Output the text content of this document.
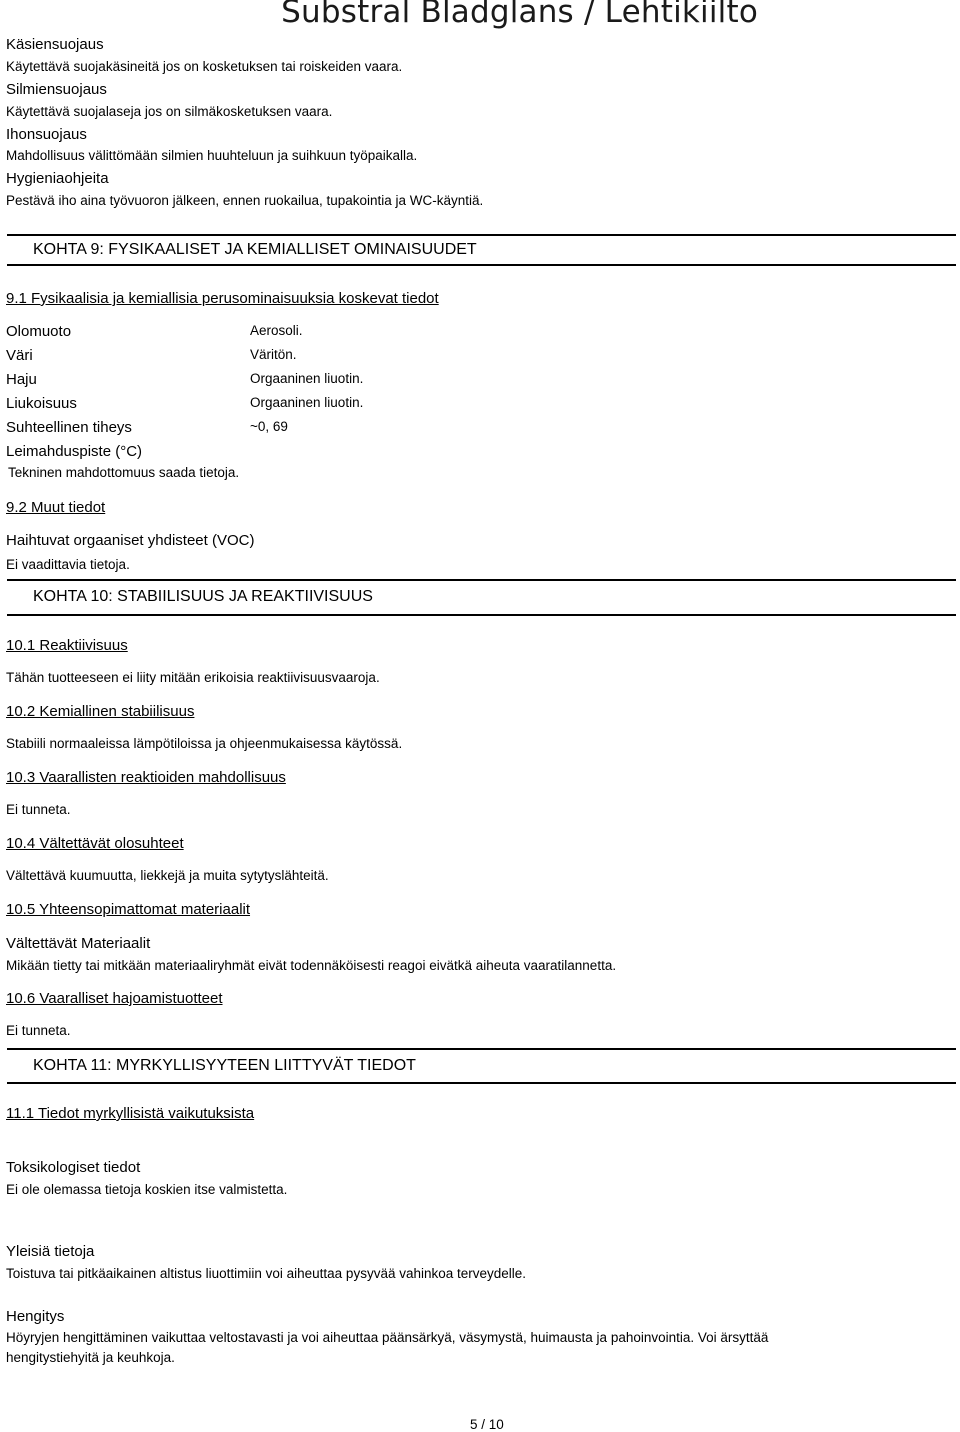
Substral Bladglans / Lehtikiilto
Käsiensuojaus
Käytettävä suojakäsineitä jos on kosketuksen tai roiskeiden vaara.
Silmiensuojaus
Käytettävä suojalaseja jos on silmäkosketuksen vaara.
Ihonsuojaus
Mahdollisuus välittömään silmien huuhteluun ja suihkuun työpaikalla.
Hygieniaohjeita
Pestävä iho aina työvuoron jälkeen, ennen ruokailua, tupakointia ja WC-käyntiä.
KOHTA 9: FYSIKAALISET JA KEMIALLISET OMINAISUUDET
9.1 Fysikaalisia ja kemiallisia perusominaisuuksia koskevat tiedot
Olomuoto	Aerosoli.
Väri	Väritön.
Haju	Orgaaninen liuotin.
Liukoisuus	Orgaaninen liuotin.
Suhteellinen tiheys	~0, 69
Leimahduspiste (°C)
Tekninen mahdottomuus saada tietoja.
9.2 Muut tiedot
Haihtuvat orgaaniset yhdisteet (VOC)
Ei vaadittavia tietoja.
KOHTA 10: STABIILISUUS JA REAKTIIVISUUS
10.1 Reaktiivisuus
Tähän tuotteeseen ei liity mitään erikoisia reaktiivisuusvaaroja.
10.2 Kemiallinen stabiilisuus
Stabiili normaaleissa lämpötiloissa ja ohjeenmukaisessa käytössä.
10.3 Vaarallisten reaktioiden mahdollisuus
Ei tunneta.
10.4 Vältettävät olosuhteet
Vältettävä kuumuutta, liekkejä ja muita sytytyslähteitä.
10.5 Yhteensopimattomat materiaalit
Vältettävät Materiaalit
Mikään tietty tai mitkään materiaaliryhmät eivät todennäköisesti reagoi eivätkä aiheuta vaaratilannetta.
10.6 Vaaralliset hajoamistuotteet
Ei tunneta.
KOHTA 11: MYRKYLLISYYTEEN LIITTYVÄT TIEDOT
11.1 Tiedot myrkyllisistä vaikutuksista
Toksikologiset tiedot
Ei ole olemassa tietoja koskien itse valmistetta.
Yleisiä tietoja
Toistuva tai pitkäaikainen altistus liuottimiin voi aiheuttaa pysyvää vahinkoa terveydelle.
Hengitys
Höyryjen hengittäminen vaikuttaa veltostavasti ja voi aiheuttaa päänsärkyä, väsymystä, huimausta ja pahoinvointia. Voi ärsyttää
hengitystiehyitä ja keuhkoja.
5 / 10
